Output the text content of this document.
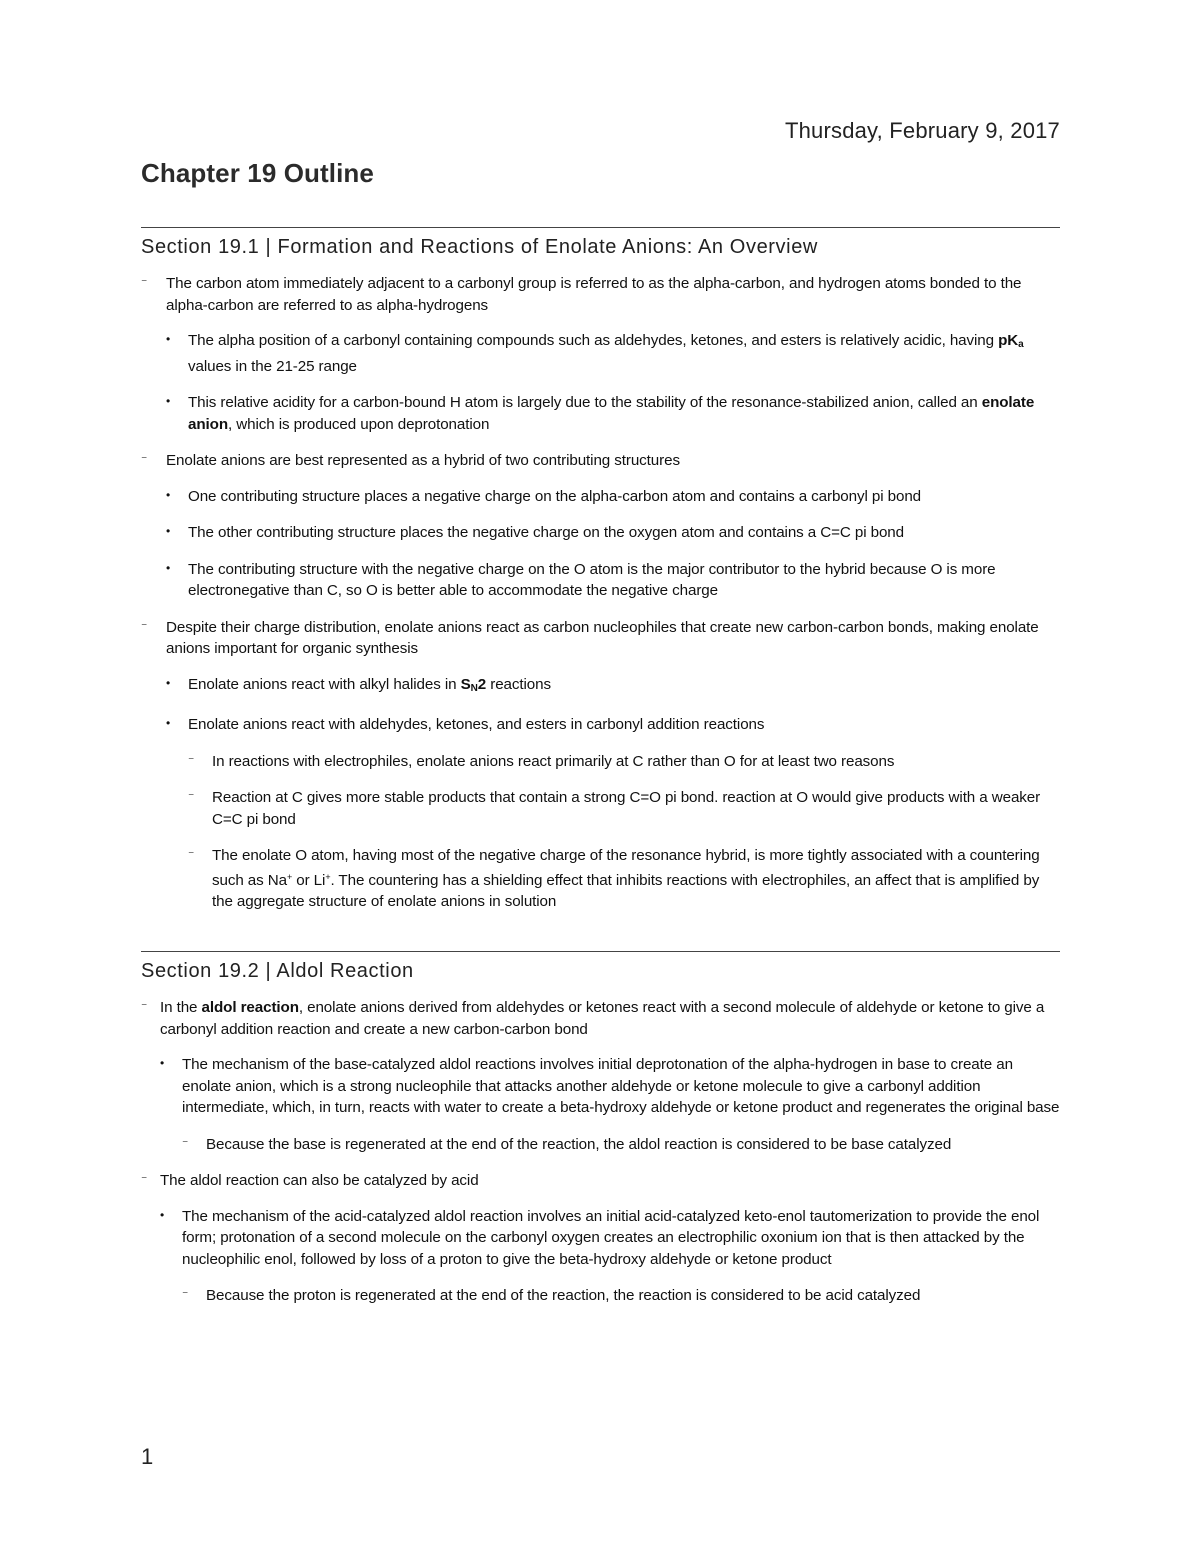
Thursday, February 9, 2017
Chapter 19 Outline
Section 19.1 | Formation and Reactions of Enolate Anions: An Overview
⁻ The carbon atom immediately adjacent to a carbonyl group is referred to as the alpha-carbon, and hydrogen atoms bonded to the alpha-carbon are referred to as alpha-hydrogens
• The alpha position of a carbonyl containing compounds such as aldehydes, ketones, and esters is relatively acidic, having $pK_a$ values in the 21-25 range
• This relative acidity for a carbon-bound H atom is largely due to the stability of the resonance-stabilized anion, called an enolate anion, which is produced upon deprotonation
⁻ Enolate anions are best represented as a hybrid of two contributing structures
• One contributing structure places a negative charge on the alpha-carbon atom and contains a carbonyl pi bond
• The other contributing structure places the negative charge on the oxygen atom and contains a C=C pi bond
• The contributing structure with the negative charge on the O atom is the major contributor to the hybrid because O is more electronegative than C, so O is better able to accommodate the negative charge
⁻ Despite their charge distribution, enolate anions react as carbon nucleophiles that create new carbon-carbon bonds, making enolate anions important for organic synthesis
• Enolate anions react with alkyl halides in $S_N2$ reactions
• Enolate anions react with aldehydes, ketones, and esters in carbonyl addition reactions
⁻ In reactions with electrophiles, enolate anions react primarily at C rather than O for at least two reasons
⁻ Reaction at C gives more stable products that contain a strong C=O pi bond. reaction at O would give products with a weaker C=C pi bond
⁻ The enolate O atom, having most of the negative charge of the resonance hybrid, is more tightly associated with a countering such as Na+ or Li+. The countering has a shielding effect that inhibits reactions with electrophiles, an affect that is amplified by the aggregate structure of enolate anions in solution
Section 19.2 | Aldol Reaction
⁻ In the aldol reaction, enolate anions derived from aldehydes or ketones react with a second molecule of aldehyde or ketone to give a carbonyl addition reaction and create a new carbon-carbon bond
• The mechanism of the base-catalyzed aldol reactions involves initial deprotonation of the alpha-hydrogen in base to create an enolate anion, which is a strong nucleophile that attacks another aldehyde or ketone molecule to give a carbonyl addition intermediate, which, in turn, reacts with water to create a beta-hydroxy aldehyde or ketone product and regenerates the original base
⁻ Because the base is regenerated at the end of the reaction, the aldol reaction is considered to be base catalyzed
⁻ The aldol reaction can also be catalyzed by acid
• The mechanism of the acid-catalyzed aldol reaction involves an initial acid-catalyzed keto-enol tautomerization to provide the enol form; protonation of a second molecule on the carbonyl oxygen creates an electrophilic oxonium ion that is then attacked by the nucleophilic enol, followed by loss of a proton to give the beta-hydroxy aldehyde or ketone product
⁻ Because the proton is regenerated at the end of the reaction, the reaction is considered to be acid catalyzed
1
